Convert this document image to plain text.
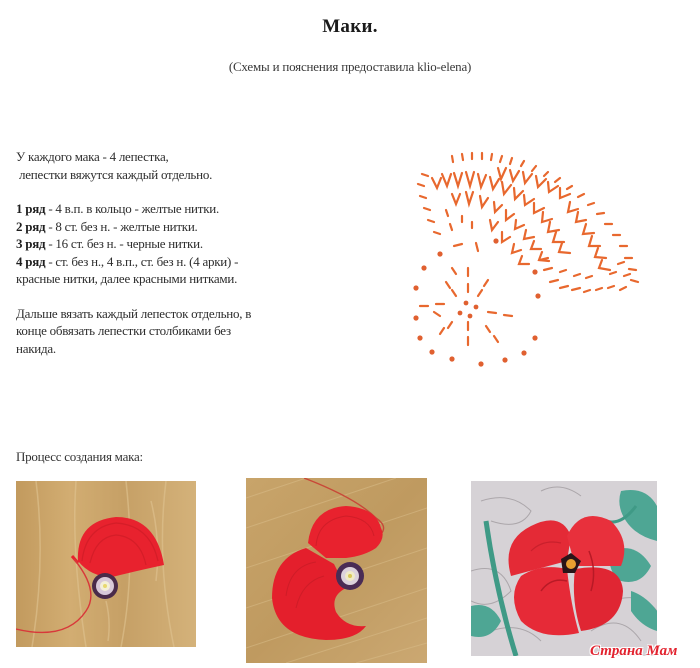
Маки.
(Схемы и пояснения предоставила klio-elena)

У каждого мака - 4 лепестка,

лепестки вяжутся каждый отдельно.

1 ряд - 4 в.п. в кольцо - желтые нитки.

2 ряд - 8 ст. без н. - желтые нитки.

3 ряд - 16 ст. без н. - черные нитки.

4 ряд - ст. без н., 4 в.п., ст. без н. (4 арки) -

красные нитки, далее красными нитками.

Дальше вязать каждый лепесток отдельно, в

конце обвязать лепестки столбиками без

накида.

Процесс создания мака:
Страна Мам
